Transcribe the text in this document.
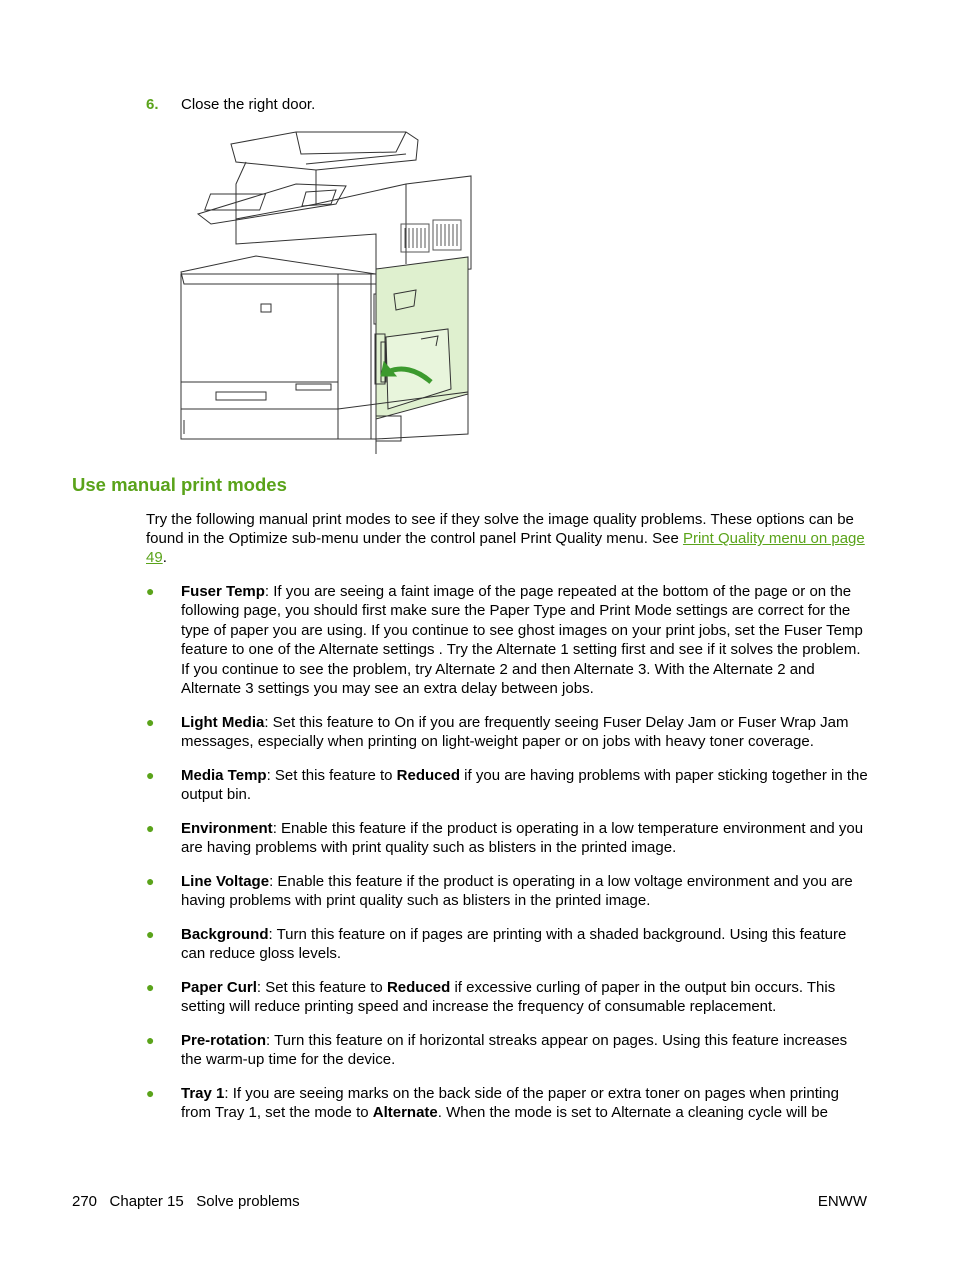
6. Close the right door.
Use manual print modes
Try the following manual print modes to see if they solve the image quality problems. These options can be found in the Optimize sub-menu under the control panel Print Quality menu. See Print Quality menu on page 49.
● Fuser Temp: If you are seeing a faint image of the page repeated at the bottom of the page or on the following page, you should first make sure the Paper Type and Print Mode settings are correct for the type of paper you are using. If you continue to see ghost images on your print jobs, set the Fuser Temp feature to one of the Alternate settings . Try the Alternate 1 setting first and see if it solves the problem. If you continue to see the problem, try Alternate 2 and then Alternate 3. With the Alternate 2 and Alternate 3 settings you may see an extra delay between jobs.
● Light Media: Set this feature to On if you are frequently seeing Fuser Delay Jam or Fuser Wrap Jam messages, especially when printing on light-weight paper or on jobs with heavy toner coverage.
● Media Temp: Set this feature to Reduced if you are having problems with paper sticking together in the output bin.
● Environment: Enable this feature if the product is operating in a low temperature environment and you are having problems with print quality such as blisters in the printed image.
● Line Voltage: Enable this feature if the product is operating in a low voltage environment and you are having problems with print quality such as blisters in the printed image.
● Background: Turn this feature on if pages are printing with a shaded background. Using this feature can reduce gloss levels.
● Paper Curl: Set this feature to Reduced if excessive curling of paper in the output bin occurs. This setting will reduce printing speed and increase the frequency of consumable replacement.
● Pre-rotation: Turn this feature on if horizontal streaks appear on pages. Using this feature increases the warm-up time for the device.
● Tray 1: If you are seeing marks on the back side of the paper or extra toner on pages when printing from Tray 1, set the mode to Alternate. When the mode is set to Alternate a cleaning cycle will be
270   Chapter 15   Solve problems	ENWW
